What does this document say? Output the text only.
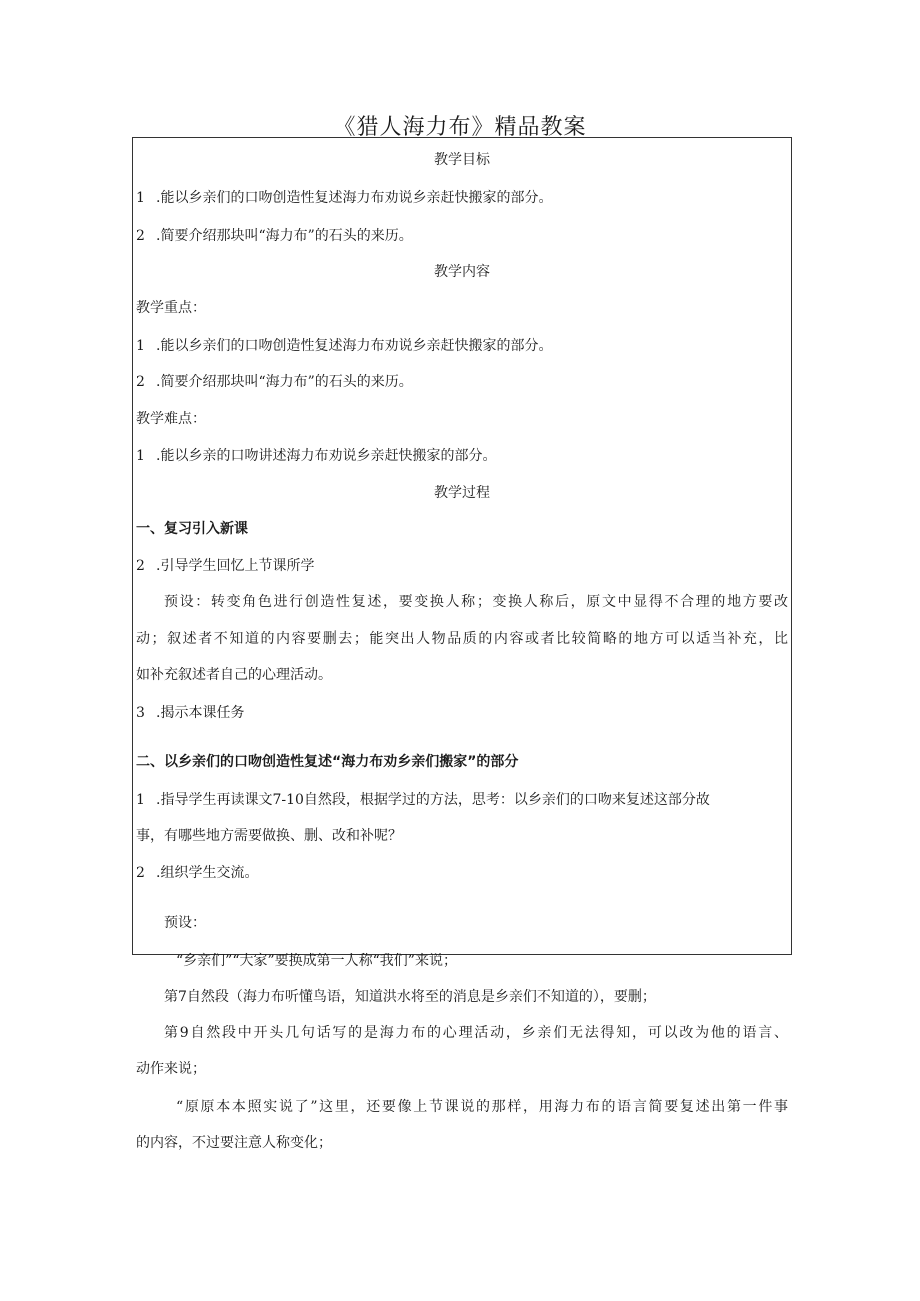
《猎人海力布》精品教案
教学目标
1 .能以乡亲们的口吻创造性复述海力布劝说乡亲赶快搬家的部分。
2 .简要介绍那块叫“海力布”的石头的来历。
教学内容
教学重点：
1 .能以乡亲们的口吻创造性复述海力布劝说乡亲赶快搬家的部分。
2 .简要介绍那块叫“海力布”的石头的来历。
教学难点：
1 .能以乡亲的口吻讲述海力布劝说乡亲赶快搬家的部分。
教学过程
一、复习引入新课
2 .引导学生回忆上节课所学
预设：转变角色进行创造性复述，要变换人称；变换人称后，原文中显得不合理的地方要改
动；叙述者不知道的内容要删去；能突出人物品质的内容或者比较简略的地方可以适当补充，比
如补充叙述者自己的心理活动。
3 .揭示本课任务
二、以乡亲们的口吻创造性复述“海力布劝乡亲们搬家”的部分
1 .指导学生再读课文7-10自然段，根据学过的方法，思考：以乡亲们的口吻来复述这部分故
事，有哪些地方需要做换、删、改和补呢？
2 .组织学生交流。
预设：
“乡亲们”“大家”要换成第一人称“我们”来说；
第7自然段（海力布听懂鸟语，知道洪水将至的消息是乡亲们不知道的），要删；
第9自然段中开头几句话写的是海力布的心理活动，乡亲们无法得知，可以改为他的语言、
动作来说；
“原原本本照实说了”这里，还要像上节课说的那样，用海力布的语言简要复述出第一件事
的内容，不过要注意人称变化；
